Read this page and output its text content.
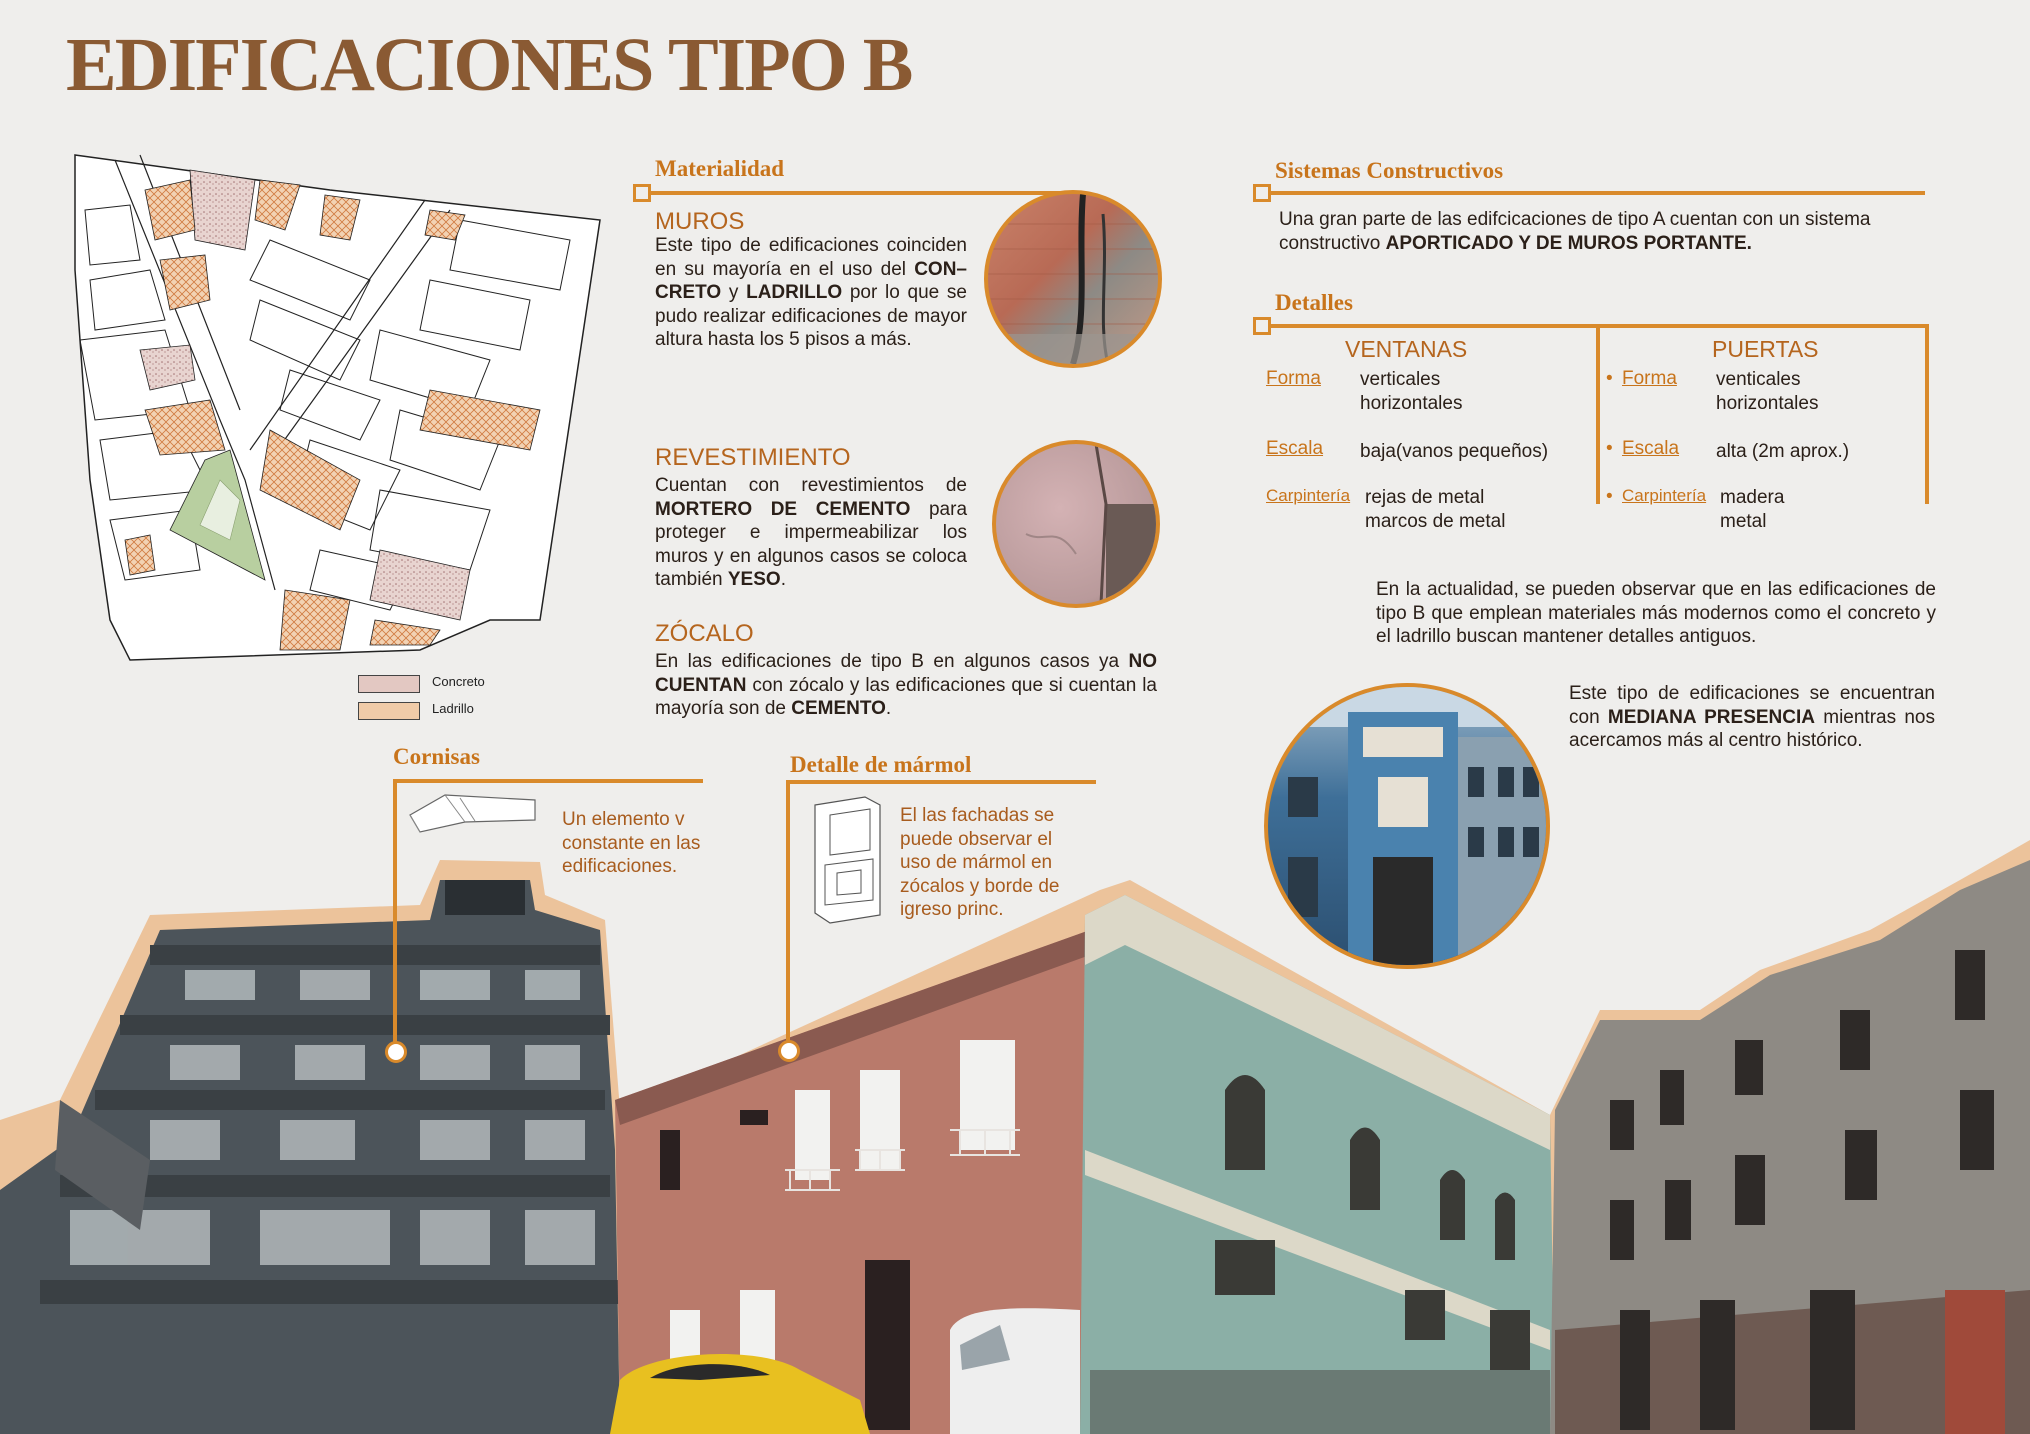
EDIFICACIONES TIPO B
Concreto
Ladrillo
Materialidad
MUROS
Este tipo de edificaciones coinciden en su mayoría en el uso del CON–CRETO y LADRILLO por lo que se pudo realizar edificaciones de mayor altura hasta los 5 pisos a más.
REVESTIMIENTO
Cuentan con revestimientos de MORTERO DE CEMENTO para proteger e impermeabilizar los muros y en algunos casos se coloca también YESO.
ZÓCALO
En las edificaciones de tipo B en algunos casos ya NO CUENTAN con zócalo y las edificaciones que si cuentan la mayoría son de CEMENTO.
Sistemas Constructivos
Una gran parte de las edifcicaciones de tipo A cuentan con un sistema constructivo APORTICADO Y DE MUROS PORTANTE.
Detalles
VENTANAS
Forma verticales
horizontales
Escala baja(vanos pequeños)
Carpintería rejas de metal
marcos de metal
PUERTAS
• Forma venticales
horizontales
• Escala alta (2m aprox.)
• Carpintería madera
metal
En la actualidad, se pueden observar que en las edificaciones de tipo B que emplean materiales más modernos como el concreto y el ladrillo buscan mantener detalles antiguos.
Este tipo de edificaciones se encuentran con MEDIANA PRESENCIA mientras nos acercamos más al centro histórico.
Cornisas
Un elemento v constante en las edificaciones.
Detalle de mármol
El las fachadas se puede observar el uso de mármol en zócalos y borde de igreso princ.
